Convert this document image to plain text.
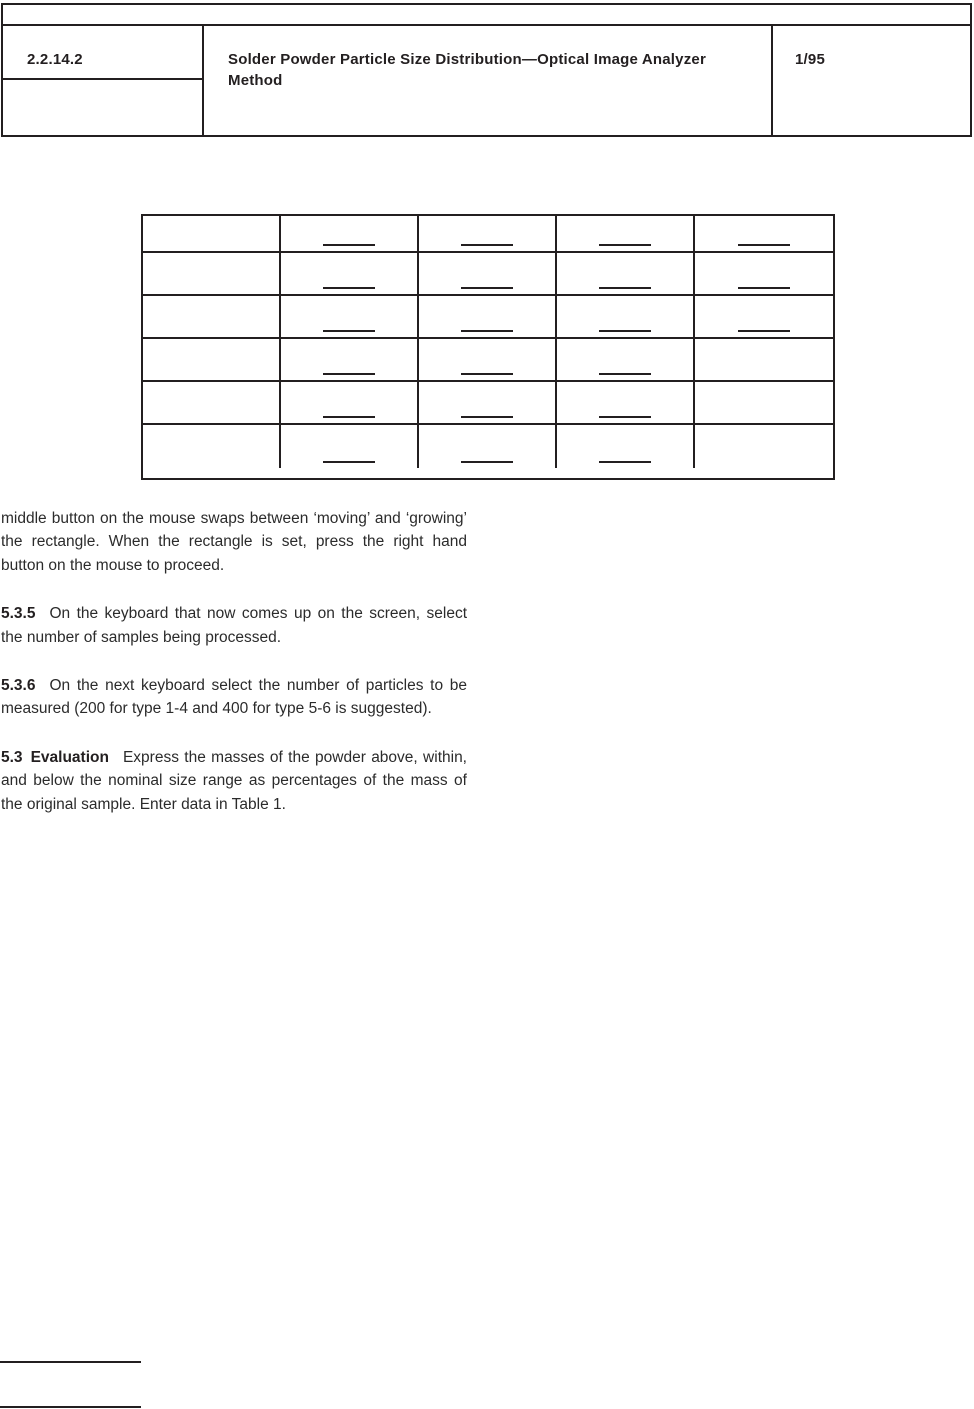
2.2.14.2	Solder Powder Particle Size Distribution—Optical Image Analyzer Method
1/95

middle button on the mouse swaps between ‘moving’ and ‘growing’ the rectangle. When the rectangle is set, press the right hand button on the mouse to proceed.

5.3.5 On the keyboard that now comes up on the screen, select the number of samples being processed.

5.3.6 On the next keyboard select the number of particles to be measured (200 for type 1-4 and 400 for type 5-6 is suggested).

5.3 Evaluation Express the masses of the powder above, within, and below the nominal size range as percentages of the mass of the original sample. Enter data in Table 1.
